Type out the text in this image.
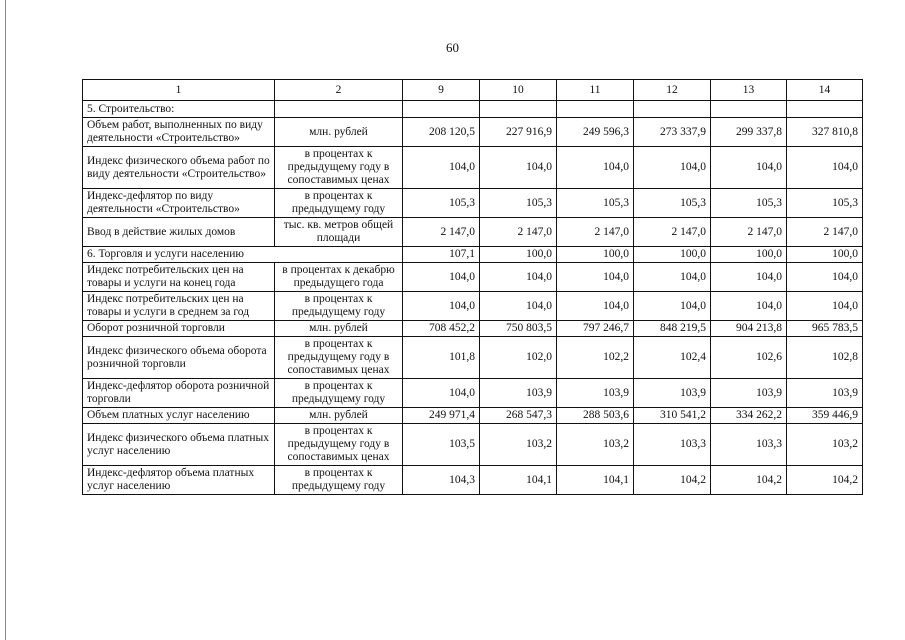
60
1	2	9	10	11	12	13	14
5. Строительство:							
Объем работ, выполненных по виду деятельности «Строительство»	млн. рублей	208 120,5	227 916,9	249 596,3	273 337,9	299 337,8	327 810,8
Индекс физического объема работ по виду деятельности «Строительство»	в процентах к предыдущему году в сопоставимых ценах	104,0	104,0	104,0	104,0	104,0	104,0
Индекс-дефлятор по виду деятельности «Строительство»	в процентах к предыдущему году	105,3	105,3	105,3	105,3	105,3	105,3
Ввод в действие жилых домов	тыс. кв. метров общей площади	2 147,0	2 147,0	2 147,0	2 147,0	2 147,0	2 147,0
6. Торговля и услуги населению		107,1	100,0	100,0	100,0	100,0	100,0
Индекс потребительских цен на товары и услуги на конец года	в процентах к декабрю предыдущего года	104,0	104,0	104,0	104,0	104,0	104,0
Индекс потребительских цен на товары и услуги в среднем за год	в процентах к предыдущему году	104,0	104,0	104,0	104,0	104,0	104,0
Оборот розничной торговли	млн. рублей	708 452,2	750 803,5	797 246,7	848 219,5	904 213,8	965 783,5
Индекс физического объема оборота розничной торговли	в процентах к предыдущему году в сопоставимых ценах	101,8	102,0	102,2	102,4	102,6	102,8
Индекс-дефлятор оборота розничной торговли	в процентах к предыдущему году	104,0	103,9	103,9	103,9	103,9	103,9
Объем платных услуг населению	млн. рублей	249 971,4	268 547,3	288 503,6	310 541,2	334 262,2	359 446,9
Индекс физического объема платных услуг населению	в процентах к предыдущему году в сопоставимых ценах	103,5	103,2	103,2	103,3	103,3	103,2
Индекс-дефлятор объема платных услуг населению	в процентах к предыдущему году	104,3	104,1	104,1	104,2	104,2	104,2
